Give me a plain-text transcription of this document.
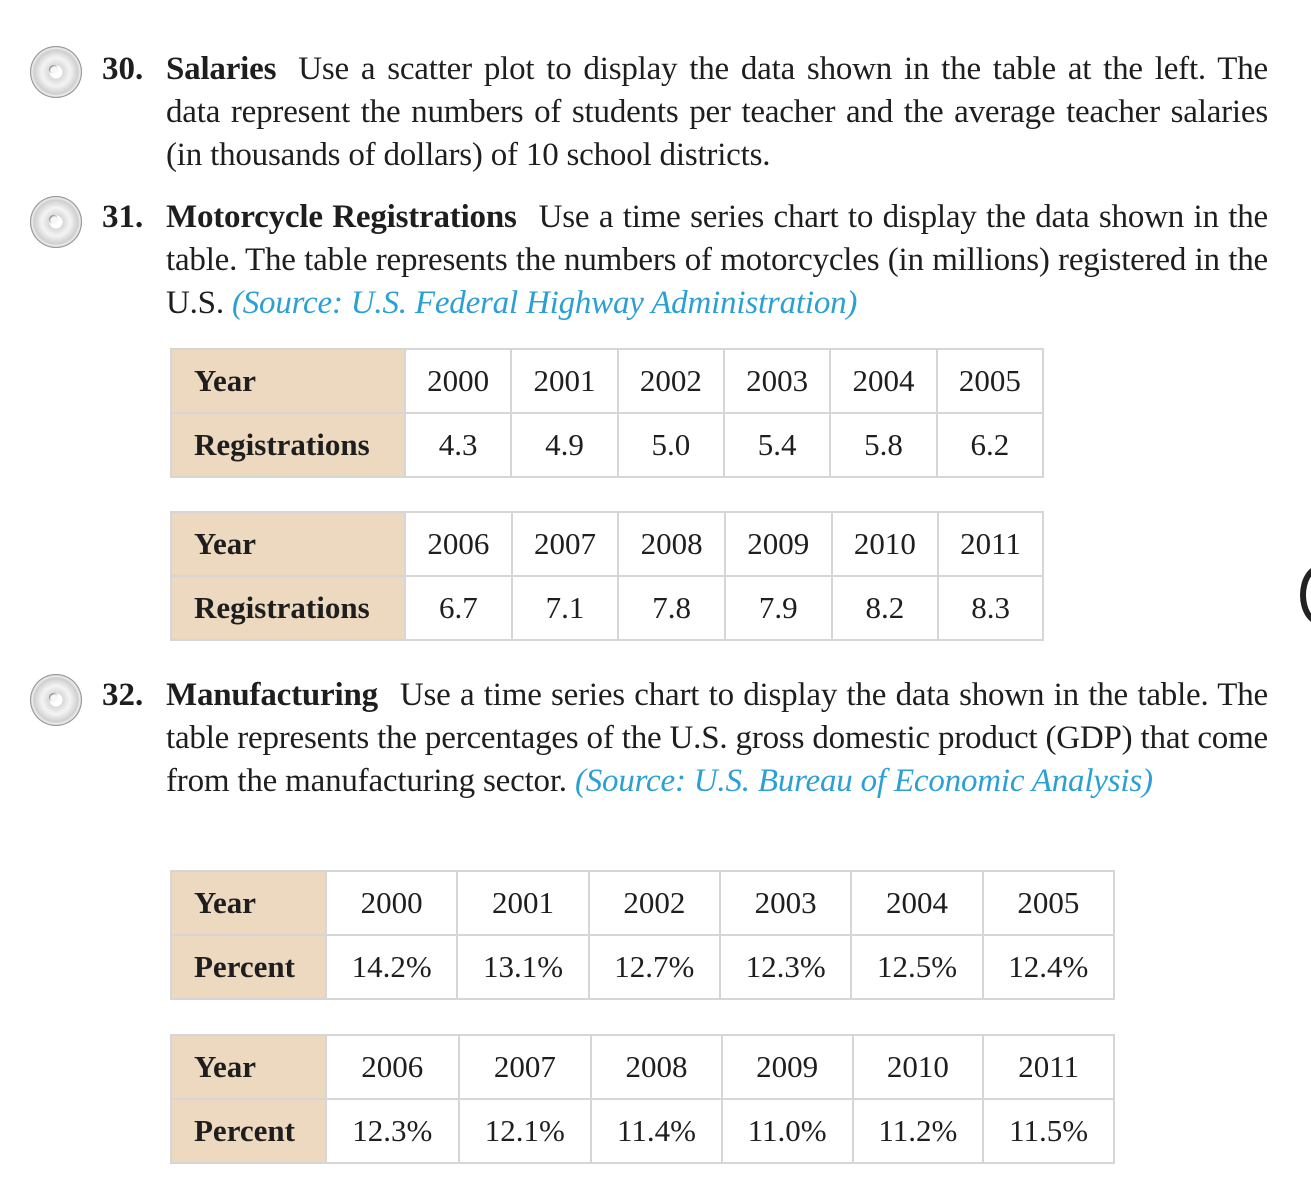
30. Salaries Use a scatter plot to display the data shown in the table at the left. The data represent the numbers of students per teacher and the average teacher salaries (in thousands of dollars) of 10 school districts.
31. Motorcycle Registrations Use a time series chart to display the data shown in the table. The table represents the numbers of motorcycles (in millions) registered in the U.S. (Source: U.S. Federal Highway Administration)
Year	2000	2001	2002	2003	2004	2005
Registrations	4.3	4.9	5.0	5.4	5.8	6.2
Year	2006	2007	2008	2009	2010	2011
Registrations	6.7	7.1	7.8	7.9	8.2	8.3
32. Manufacturing Use a time series chart to display the data shown in the table. The table represents the percentages of the U.S. gross domestic product (GDP) that come from the manufacturing sector. (Source: U.S. Bureau of Economic Analysis)
Year	2000	2001	2002	2003	2004	2005
Percent	14.2%	13.1%	12.7%	12.3%	12.5%	12.4%
Year	2006	2007	2008	2009	2010	2011
Percent	12.3%	12.1%	11.4%	11.0%	11.2%	11.5%
